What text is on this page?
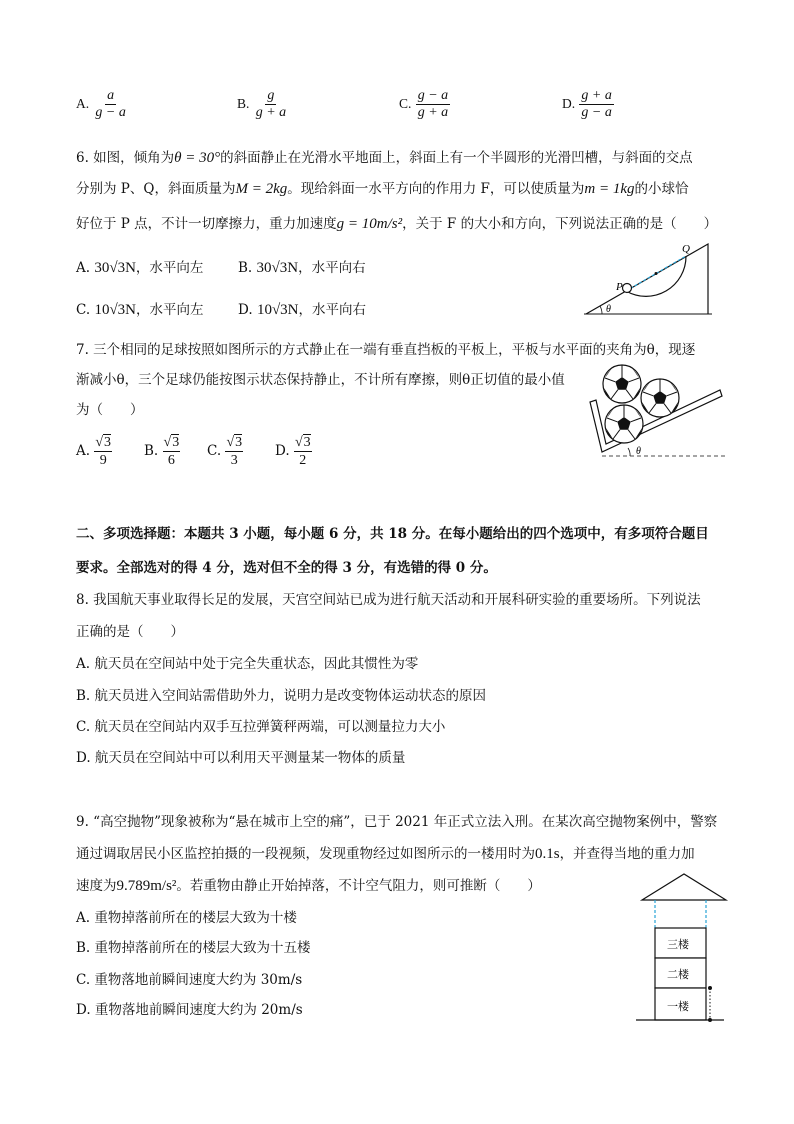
A. $\frac{a}{g - a}$	B. $\frac{g}{g + a}$	C. $\frac{g - a}{g + a}$	D. $\frac{g + a}{g - a}$
6. 如图，倾角为θ = 30°的斜面静止在光滑水平地面上，斜面上有一个半圆形的光滑凹槽，与斜面的交点
分别为 P、Q，斜面质量为M = 2kg。现给斜面一水平方向的作用力 F，可以使质量为m = 1kg的小球恰
好位于 P 点，不计一切摩擦力，重力加速度g = 10m/s²，关于 F 的大小和方向，下列说法正确的是（　　）
A. 30√3N，水平向左	B. 30√3N，水平向右
C. 10√3N，水平向左	D. 10√3N，水平向右	θ
P
Q
7. 三个相同的足球按照如图所示的方式静止在一端有垂直挡板的平板上，平板与水平面的夹角为θ，现逐
渐减小θ，三个足球仍能按图示状态保持静止，不计所有摩擦，则θ正切值的最小值
为（　　）
A. $\frac{√3}{9} B$. $\frac{√3}{6} C$. $\frac{√3}{3} D$. $\frac{√3}{2}$	θ
二、多项选择题：本题共 3 小题，每小题 6 分，共 18 分。在每小题给出的四个选项中，有多项符合题目
要求。全部选对的得 4 分，选对但不全的得 3 分，有选错的得 0 分。
8. 我国航天事业取得长足的发展，天宫空间站已成为进行航天活动和开展科研实验的重要场所。下列说法
正确的是（　　）
A. 航天员在空间站中处于完全失重状态，因此其惯性为零
B. 航天员进入空间站需借助外力，说明力是改变物体运动状态的原因
C. 航天员在空间站内双手互拉弹簧秤两端，可以测量拉力大小
D. 航天员在空间站中可以利用天平测量某一物体的质量
9. “高空抛物”现象被称为“悬在城市上空的痛”，已于 2021 年正式立法入刑。在某次高空抛物案例中，警察
通过调取居民小区监控拍摄的一段视频，发现重物经过如图所示的一楼用时为0.1s，并查得当地的重力加
速度为9.789m/s²。若重物由静止开始掉落，不计空气阻力，则可推断（　　）
A. 重物掉落前所在的楼层大致为十楼
B. 重物掉落前所在的楼层大致为十五楼
C. 重物落地前瞬间速度大约为 30m/s
D. 重物落地前瞬间速度大约为 20m/s
三楼
二楼
一楼
